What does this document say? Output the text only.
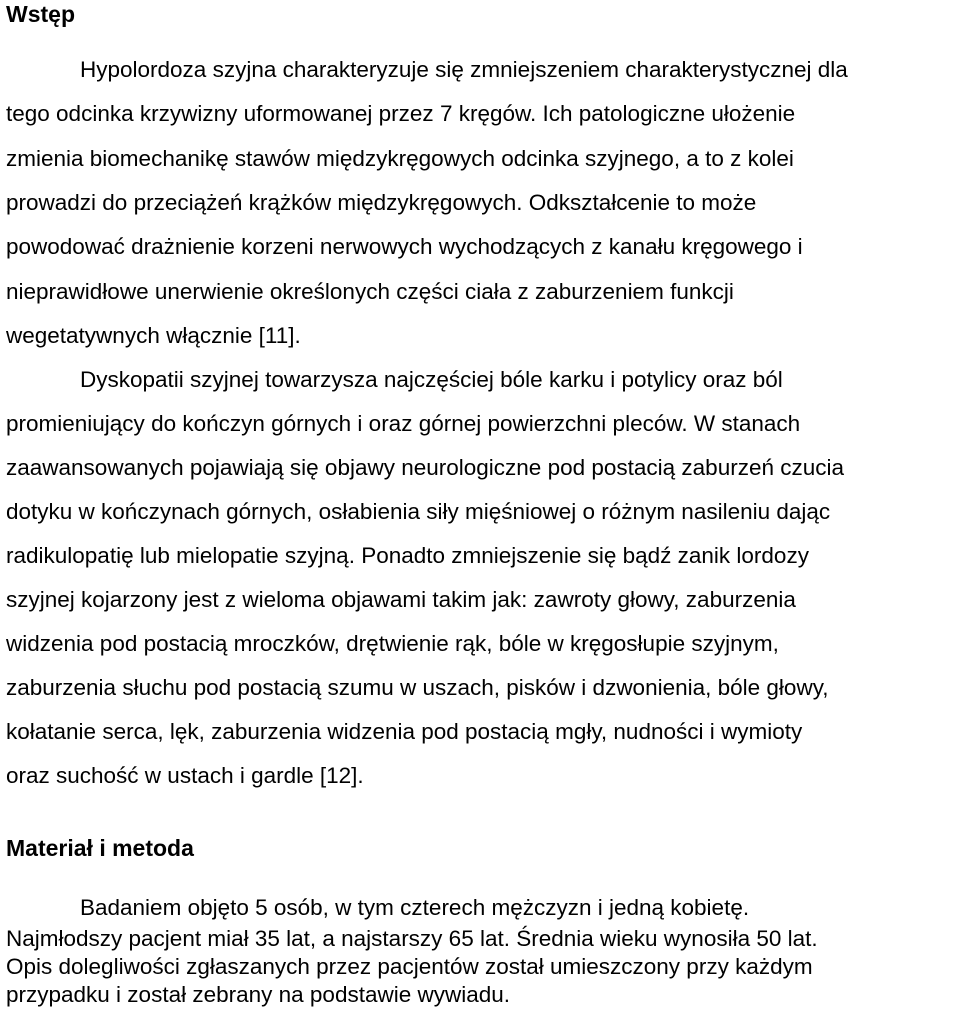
Wstęp

Hypolordoza szyjna charakteryzuje się zmniejszeniem charakterystycznej dla

tego odcinka krzywizny uformowanej przez 7 kręgów. Ich patologiczne ułożenie

zmienia biomechanikę stawów międzykręgowych odcinka szyjnego, a to z kolei

prowadzi do przeciążeń krążków międzykręgowych. Odkształcenie to może

powodować drażnienie korzeni nerwowych wychodzących z kanału kręgowego i

nieprawidłowe unerwienie określonych części ciała z zaburzeniem funkcji

wegetatywnych włącznie [11].

Dyskopatii szyjnej towarzysza najczęściej bóle karku i potylicy oraz ból

promieniujący do kończyn górnych i oraz górnej powierzchni pleców. W stanach

zaawansowanych pojawiają się objawy neurologiczne pod postacią zaburzeń czucia

dotyku w kończynach górnych, osłabienia siły mięśniowej o różnym nasileniu dając

radikulopatię lub mielopatie szyjną. Ponadto zmniejszenie się bądź zanik lordozy

szyjnej kojarzony jest z wieloma objawami takim jak: zawroty głowy, zaburzenia

widzenia pod postacią mroczków, drętwienie rąk, bóle w kręgosłupie szyjnym,

zaburzenia słuchu pod postacią szumu w uszach, pisków i dzwonienia, bóle głowy,

kołatanie serca, lęk, zaburzenia widzenia pod postacią mgły, nudności i wymioty

oraz suchość w ustach i gardle [12].

Materiał i metoda

Badaniem objęto 5 osób, w tym czterech mężczyzn i jedną kobietę.

Najmłodszy pacjent miał 35 lat, a najstarszy 65 lat. Średnia wieku wynosiła 50 lat.

Opis dolegliwości zgłaszanych przez pacjentów został umieszczony przy każdym

przypadku i został zebrany na podstawie wywiadu.
